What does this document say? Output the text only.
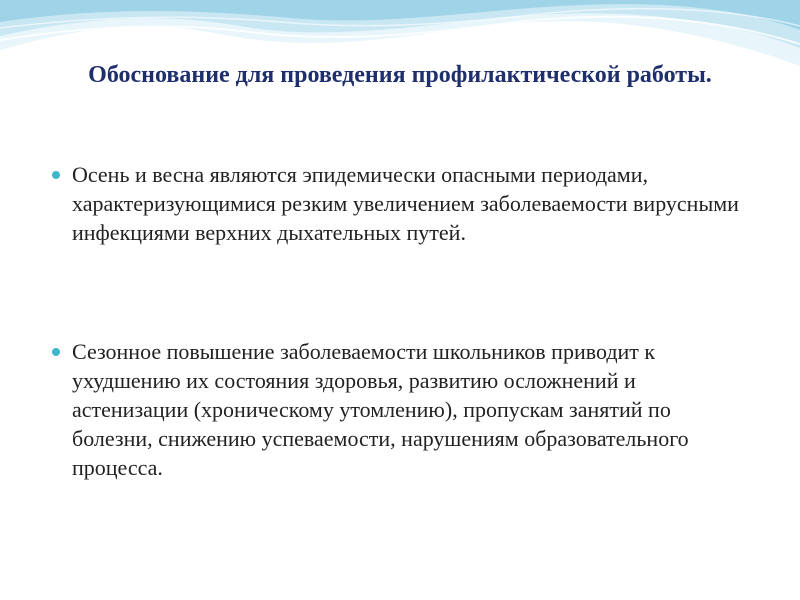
Обоснование для проведения профилактической работы.
Осень и весна являются эпидемически опасными периодами, характеризующимися резким увеличением заболеваемости вирусными инфекциями верхних дыхательных путей.
Сезонное повышение заболеваемости школьников приводит к ухудшению их состояния здоровья, развитию осложнений и астенизации (хроническому утомлению), пропускам занятий по болезни, снижению успеваемости, нарушениям образовательного процесса.
